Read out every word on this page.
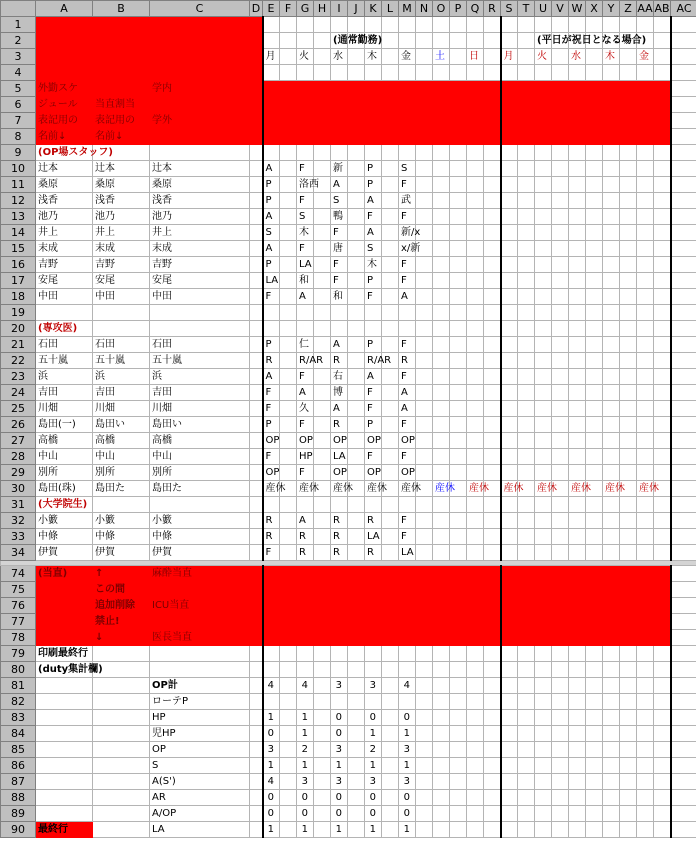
	A	B	C	D	E	F	G	H	I	J	K	L	M	N	O	P	Q	R	S	T	U	V	W	X	Y	Z	AA	AB	AC
1																													
2									(通常勤務)												(平日が祝日となる場合)								
3					月		火		水		木		金		土		日		月		火		水		木		金		
4																													
5	外勤スケ		学内																										
6	ジュール	当直割当																											
7	表記用の	表記用の	学外																										
8	名前↓	名前↓																											
9	(OP場スタッフ)																												
10	辻本	辻本	辻本		A		F		新		P		S																
11	桑原	桑原	桑原		P		洛西		A		P		F																
12	浅香	浅香	浅香		P		F		S		A		武																
13	池乃	池乃	池乃		A		S		鴨		F		F																
14	井上	井上	井上		S		木		F		A		新/x																
15	末成	末成	末成		A		F		唐		S		x/新																
16	吉野	吉野	吉野		P		LA		F		木		F																
17	安尾	安尾	安尾		LA		和		F		P		F																
18	中田	中田	中田		F		A		和		F		A																
19																													
20	(専攻医)																												
21	石田	石田	石田		P		仁		A		P		F																
22	五十嵐	五十嵐	五十嵐		R		R/AR		R		R/AR		R																
23	浜	浜	浜		A		F		右		A		F																
24	吉田	吉田	吉田		F		A		博		F		A																
25	川畑	川畑	川畑		F		久		A		F		A																
26	島田(一)	島田い	島田い		P		F		R		P		F																
27	高橋	高橋	高橋		OP		OP		OP		OP		OP																
28	中山	中山	中山		F		HP		LA		F		F																
29	別所	別所	別所		OP		F		OP		OP		OP																
30	島田(珠)	島田た	島田た		産休		産休		産休		産休		産休		産休		産休		産休		産休		産休		産休		産休		
31	(大学院生)																												
32	小籔	小籔	小籔		R		A		R		R		F																
33	中條	中條	中條		R		R		R		LA		F																
34	伊賀	伊賀	伊賀		F		R		R		R		LA																

74	(当直)	↑	麻酔当直																										
75		この間																											
76		追加削除	ICU当直																										
77		禁止!																											
78		↓	医長当直																										
79	印刷最終行																												
80	(duty集計欄)																												
81			OP計		4		4		3		3		4																
82			ローテP																										
83			HP		1		1		0		0		0																
84			児HP		0		1		0		1		1																
85			OP		3		2		3		2		3																
86			S		1		1		1		1		1																
87			A(S')		4		3		3		3		3																
88			AR		0		0		0		0		0																
89			A/OP		0		0		0		0		0																
90	最終行		LA		1		1		1		1		1																
